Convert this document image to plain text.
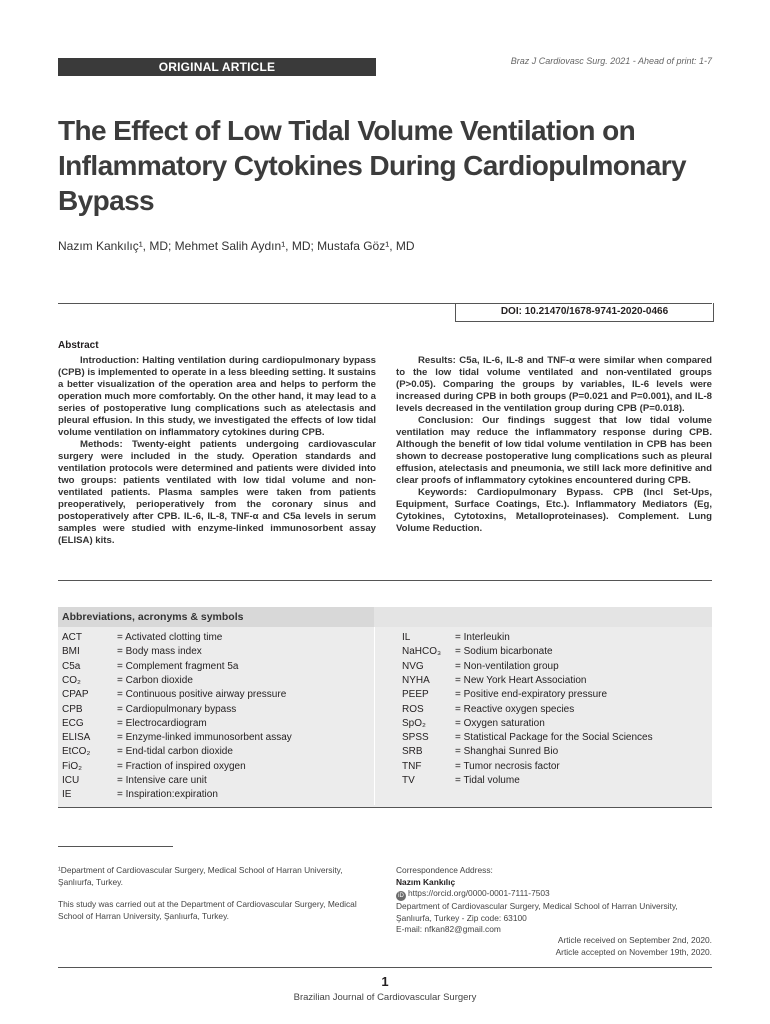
ORIGINAL ARTICLE	Braz J Cardiovasc Surg. 2021 - Ahead of print: 1-7
The Effect of Low Tidal Volume Ventilation on
Inflammatory Cytokines During Cardiopulmonary
Bypass
Nazım Kankılıç¹, MD; Mehmet Salih Aydın¹, MD; Mustafa Göz¹, MD
DOI: 10.21470/1678-9741-2020-0466
Abstract

Introduction: Halting ventilation during cardiopulmonary bypass (CPB) is implemented to operate in a less bleeding setting. It sustains a better visualization of the operation area and helps to perform the operation much more comfortably. On the other hand, it may lead to a series of postoperative lung complications such as atelectasis and pleural effusion. In this study, we investigated the effects of low tidal volume ventilation on inflammatory cytokines during CPB.

Methods: Twenty-eight patients undergoing cardiovascular surgery were included in the study. Operation standards and ventilation protocols were determined and patients were divided into two groups: patients ventilated with low tidal volume and non-ventilated patients. Plasma samples were taken from patients preoperatively, perioperatively from the coronary sinus and postoperatively after CPB. IL-6, IL-8, TNF-α and C5a levels in serum samples were studied with enzyme-linked immunosorbent assay (ELISA) kits.

Results: C5a, IL-6, IL-8 and TNF-α were similar when compared to the low tidal volume ventilated and non-ventilated groups (P>0.05). Comparing the groups by variables, IL-6 levels were increased during CPB in both groups (P=0.021 and P=0.001), and IL-8 levels decreased in the ventilation group during CPB (P=0.018).

Conclusion: Our findings suggest that low tidal volume ventilation may reduce the inflammatory response during CPB. Although the benefit of low tidal volume ventilation in CPB has been shown to decrease postoperative lung complications such as pleural effusion, atelectasis and pneumonia, we still lack more definitive and clear proofs of inflammatory cytokines encountered during CPB.

Keywords: Cardiopulmonary Bypass. CPB (Incl Set-Ups, Equipment, Surface Coatings, Etc.). Inflammatory Mediators (Eg, Cytokines, Cytotoxins, Metalloproteinases). Complement. Lung Volume Reduction.

Abbreviations, acronyms & symbols
ACT	= Activated clotting time
BMI	= Body mass index
C5a	= Complement fragment 5a
CO₂	= Carbon dioxide
CPAP	= Continuous positive airway pressure
CPB	= Cardiopulmonary bypass
ECG	= Electrocardiogram
ELISA	= Enzyme-linked immunosorbent assay
EtCO₂	= End-tidal carbon dioxide
FiO₂	= Fraction of inspired oxygen
ICU	= Intensive care unit
IE	= Inspiration:expiration
IL	= Interleukin
NaHCO₃ = Sodium bicarbonate
NVG	= Non-ventilation group
NYHA	= New York Heart Association
PEEP	= Positive end-expiratory pressure
ROS	= Reactive oxygen species
SpO₂	= Oxygen saturation
SPSS	= Statistical Package for the Social Sciences
SRB	= Shanghai Sunred Bio
TNF	= Tumor necrosis factor
TV	= Tidal volume
¹Department of Cardiovascular Surgery, Medical School of Harran University, Şanlıurfa, Turkey.
This study was carried out at the Department of Cardiovascular Surgery, Medical School of Harran University, Şanlıurfa, Turkey.
Correspondence Address:
Nazım Kankılıç
iD https://orcid.org/0000-0001-7111-7503
Department of Cardiovascular Surgery, Medical School of Harran University,
Şanlıurfa, Turkey - Zip code: 63100
E-mail: nfkan82@gmail.com
Article received on September 2nd, 2020.
Article accepted on November 19th, 2020.
1
Brazilian Journal of Cardiovascular Surgery
